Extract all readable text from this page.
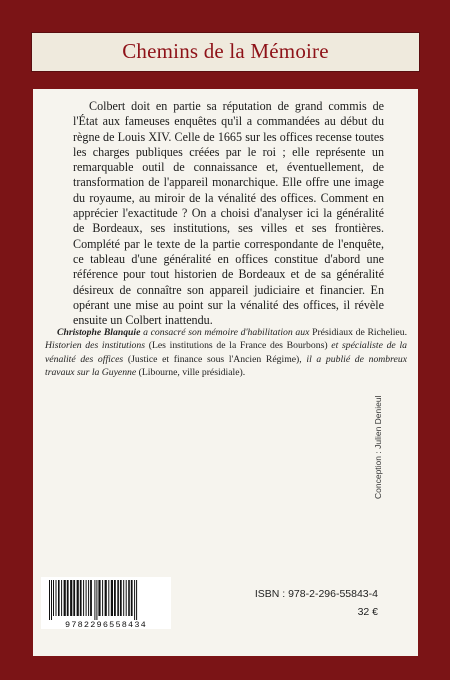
Chemins de la Mémoire

Colbert doit en partie sa réputation de grand commis de l'État aux fameuses enquêtes qu'il a commandées au début du règne de Louis XIV. Celle de 1665 sur les offices recense toutes les charges publiques créées par le roi ; elle représente un remarquable outil de connaissance et, éventuellement, de transformation de l'appareil monarchique. Elle offre une image du royaume, au miroir de la vénalité des offices. Comment en apprécier l'exactitude ? On a choisi d'analyser ici la généralité de Bordeaux, ses institutions, ses villes et ses frontières. Complété par le texte de la partie correspondante de l'enquête, ce tableau d'une généralité en offices constitue d'abord une référence pour tout historien de Bordeaux et de sa généralité désireux de connaître son appareil judiciaire et financier. En opérant une mise au point sur la vénalité des offices, il révèle ensuite un Colbert inattendu.

Christophe Blanquie a consacré son mémoire d'habilitation aux Présidiaux de Richelieu. Historien des institutions (Les institutions de la France des Bourbons) et spécialiste de la vénalité des offices (Justice et finance sous l'Ancien Régime), il a publié de nombreux travaux sur la Guyenne (Libourne, ville présidiale).

Conception : Julien Denieul
9782296558434
ISBN : 978-2-296-55843-4
32 €
